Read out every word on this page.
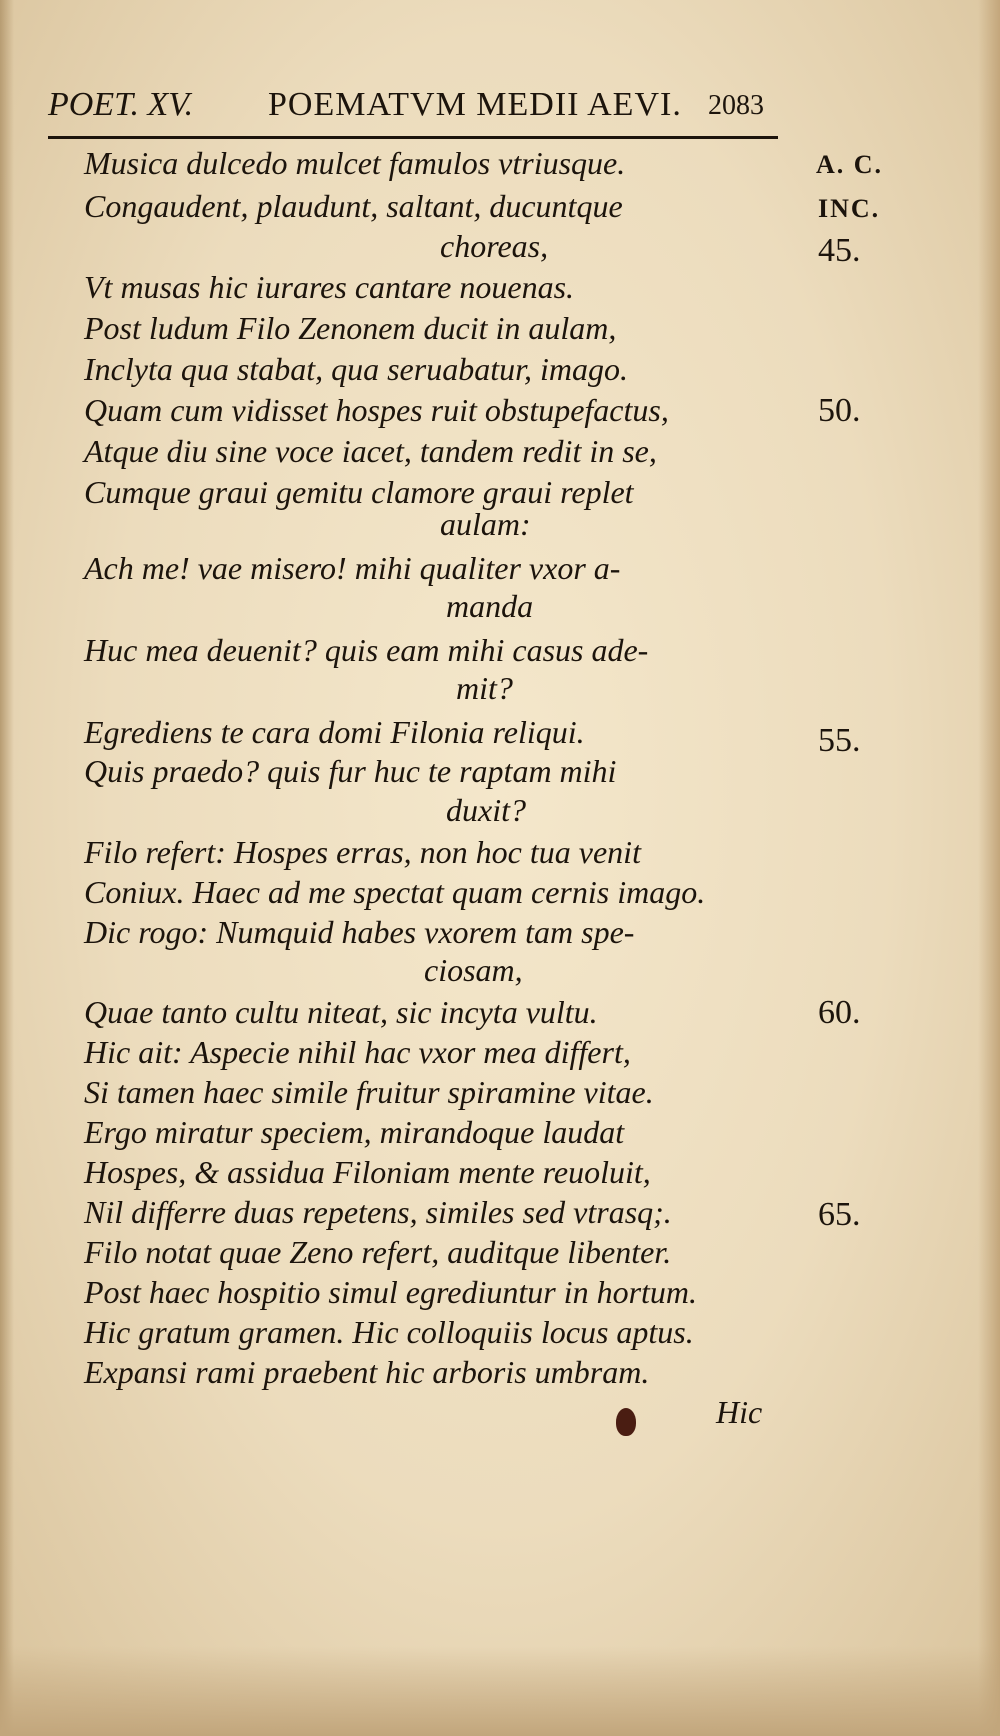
POET. XV. POEMATVM MEDII AEVI. 2083
A. C.
INC.
Musica dulcedo mulcet famulos vtriusque.
Congaudent, plaudunt, saltant, ducuntque
choreas,
Vt musas hic iurares cantare nouenas.
Post ludum Filo Zenonem ducit in aulam,
Inclyta qua stabat, qua seruabatur, imago.
Quam cum vidisset hospes ruit obstupefactus,
Atque diu sine voce iacet, tandem redit in se,
Cumque graui gemitu clamore graui replet
aulam:
Ach me! vae misero! mihi qualiter vxor a-
manda
Huc mea deuenit? quis eam mihi casus ade-
mit?
Egrediens te cara domi Filonia reliqui.
Quis praedo? quis fur huc te raptam mihi
duxit?
Filo refert: Hospes erras, non hoc tua venit
Coniux. Haec ad me spectat quam cernis imago.
Dic rogo: Numquid habes vxorem tam spe-
ciosam,
Quae tanto cultu niteat, sic incyta vultu.
Hic ait: Aspecie nihil hac vxor mea differt,
Si tamen haec simile fruitur spiramine vitae.
Ergo miratur speciem, mirandoque laudat
Hospes, & assidua Filoniam mente reuoluit,
Nil differre duas repetens, similes sed vtrasq;.
Filo notat quae Zeno refert, auditque libenter.
Post haec hospitio simul egrediuntur in hortum.
Hic gratum gramen. Hic colloquiis locus aptus.
Expansi rami praebent hic arboris umbram.
45.
50.
55.
60.
65.
Hic
